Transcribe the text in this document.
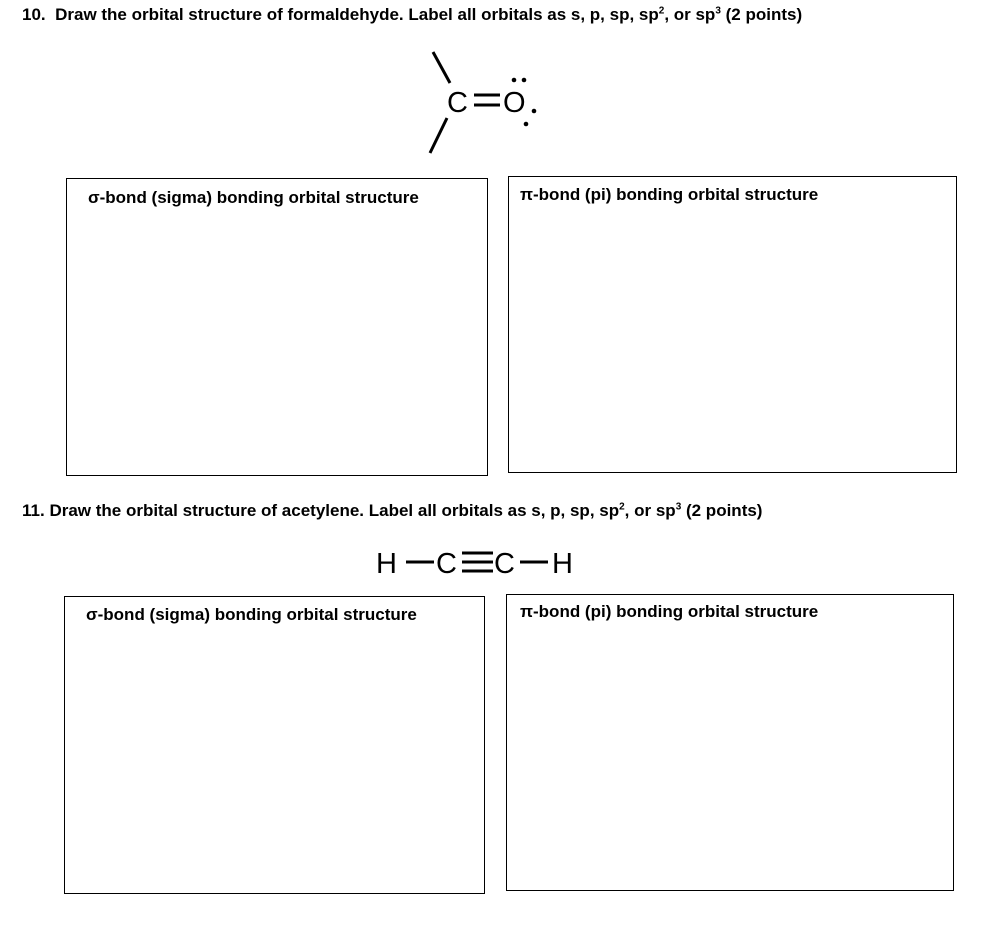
10. Draw the orbital structure of formaldehyde. Label all orbitals as s, p, sp, $sp^2$, or $sp^3$ (2 points)
C O
σ-bond (sigma) bonding orbital structure	π-bond (pi) bonding orbital structure
11. Draw the orbital structure of acetylene. Label all orbitals as s, p, sp, $sp^2$, or $sp^3$ (2 points)
H C C H
σ-bond (sigma) bonding orbital structure	π-bond (pi) bonding orbital structure
